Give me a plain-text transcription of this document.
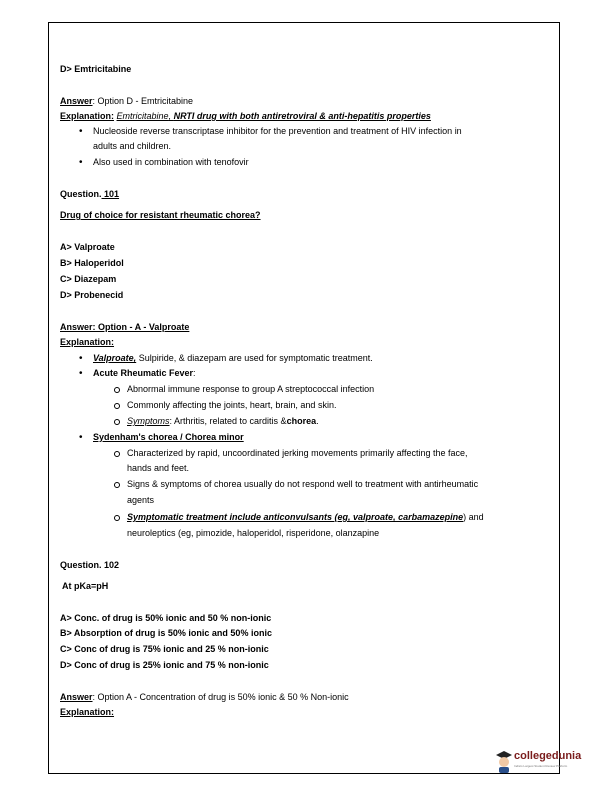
D> Emtricitabine
Answer: Option D - Emtricitabine
Explanation: Emtricitabine, NRTI drug with both antiretroviral & anti-hepatitis properties
•
Nucleoside reverse transcriptase inhibitor for the prevention and treatment of HIV infection in
adults and children.
•
Also used in combination with tenofovir
Question. 101
Drug of choice for resistant rheumatic chorea?
A> Valproate
B> Haloperidol
C> Diazepam
D> Probenecid
Answer: Option - A - Valproate
Explanation:
•
Valproate, Sulpiride, & diazepam are used for symptomatic treatment.
•
Acute Rheumatic Fever:
Abnormal immune response to group A streptococcal infection
Commonly affecting the joints, heart, brain, and skin.
Symptoms: Arthritis, related to carditis &chorea.
•
Sydenham's chorea / Chorea minor
Characterized by rapid, uncoordinated jerking movements primarily affecting the face,
hands and feet.
Signs & symptoms of chorea usually do not respond well to treatment with antirheumatic
agents
Symptomatic treatment include anticonvulsants (eg, valproate, carbamazepine) and
neuroleptics (eg, pimozide, haloperidol, risperidone, olanzapine
Question. 102
At pKa=pH
A> Conc. of drug is 50% ionic and 50 % non-ionic
B> Absorption of drug is 50% ionic and 50% ionic
C> Conc of drug is 75% ionic and 25 % non-ionic
D> Conc of drug is 25% ionic and 75 % non-ionic
Answer: Option A - Concentration of drug is 50% ionic & 50 % Non-ionic
Explanation:
collegedunia
India's Largest Student Review Platform
